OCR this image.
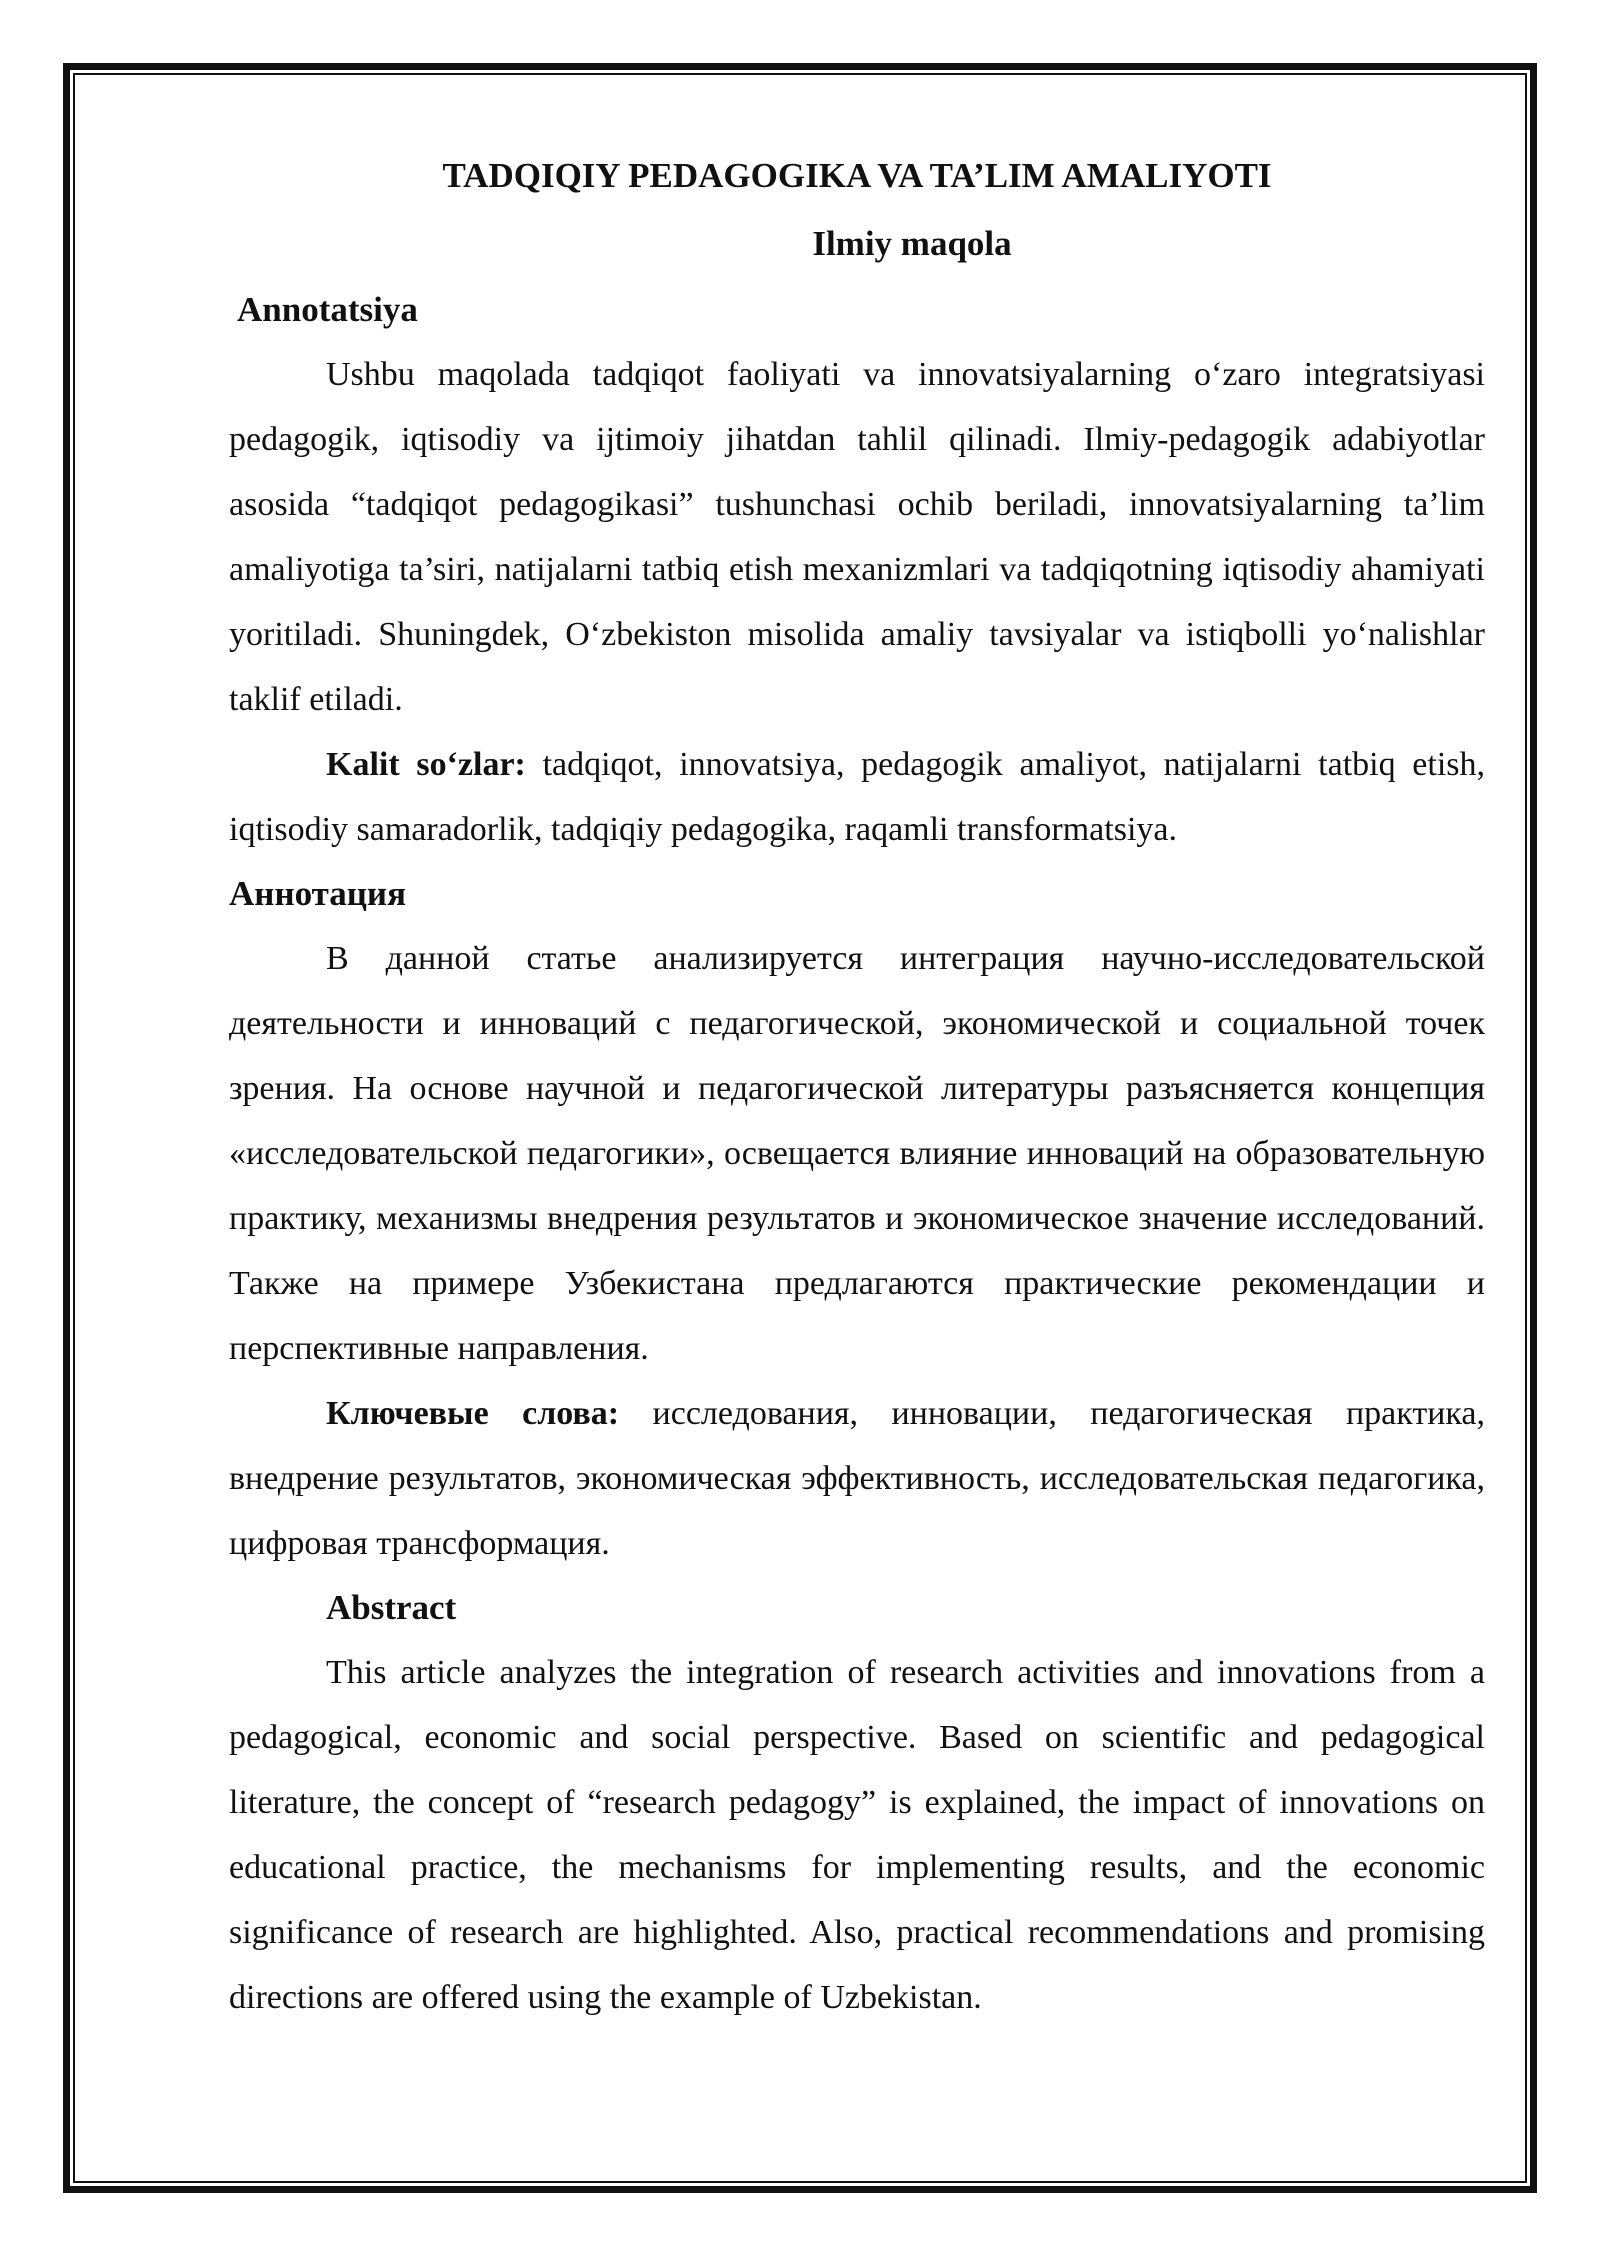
TADQIQIY PEDAGOGIKA VA TA’LIM AMALIYOTI
Ilmiy maqola
Annotatsiya

Ushbu maqolada tadqiqot faoliyati va innovatsiyalarning o‘zaro integratsiyasi pedagogik, iqtisodiy va ijtimoiy jihatdan tahlil qilinadi. Ilmiy-pedagogik adabiyotlar asosida “tadqiqot pedagogikasi” tushunchasi ochib beriladi, innovatsiyalarning ta’lim amaliyotiga ta’siri, natijalarni tatbiq etish mexanizmlari va tadqiqotning iqtisodiy ahamiyati yoritiladi. Shuningdek, O‘zbekiston misolida amaliy tavsiyalar va istiqbolli yo‘nalishlar taklif etiladi.

Kalit so‘zlar: tadqiqot, innovatsiya, pedagogik amaliyot, natijalarni tatbiq etish, iqtisodiy samaradorlik, tadqiqiy pedagogika, raqamli transformatsiya.

Аннотация

В данной статье анализируется интеграция научно-исследовательской деятельности и инноваций с педагогической, экономической и социальной точек зрения. На основе научной и педагогической литературы разъясняется концепция «исследовательской педагогики», освещается влияние инноваций на образовательную практику, механизмы внедрения результатов и экономическое значение исследований. Также на примере Узбекистана предлагаются практические рекомендации и перспективные направления.

Ключевые слова: исследования, инновации, педагогическая практика, внедрение результатов, экономическая эффективность, исследовательская педагогика, цифровая трансформация.

Abstract

This article analyzes the integration of research activities and innovations from a pedagogical, economic and social perspective. Based on scientific and pedagogical literature, the concept of “research pedagogy” is explained, the impact of innovations on educational practice, the mechanisms for implementing results, and the economic significance of research are highlighted. Also, practical recommendations and promising directions are offered using the example of Uzbekistan.
